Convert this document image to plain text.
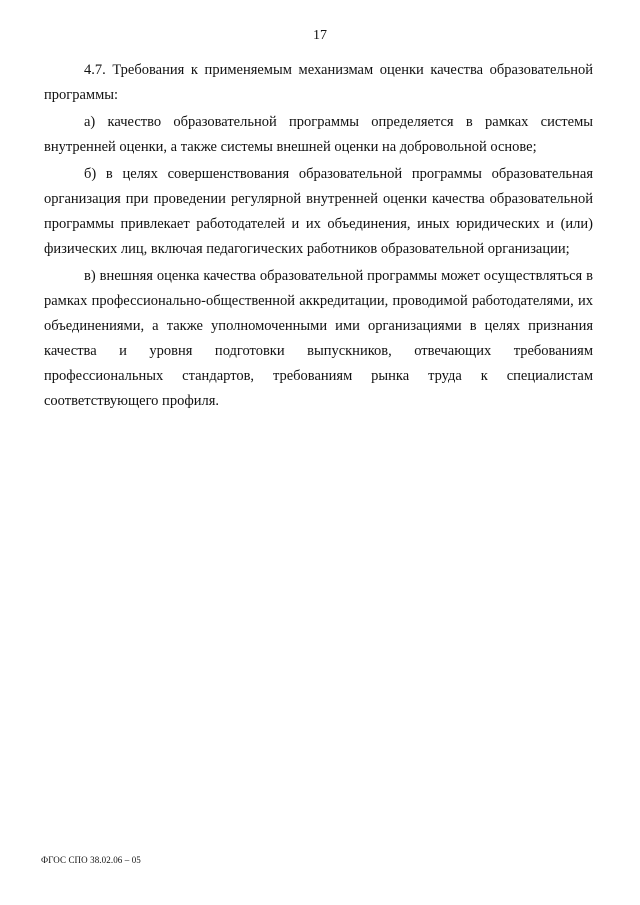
17

4.7. Требования к применяемым механизмам оценки качества образовательной программы:

а) качество образовательной программы определяется в рамках системы внутренней оценки, а также системы внешней оценки на добровольной основе;

б) в целях совершенствования образовательной программы образовательная организация при проведении регулярной внутренней оценки качества образовательной программы привлекает работодателей и их объединения, иных юридических и (или) физических лиц, включая педагогических работников образовательной организации;

в) внешняя оценка качества образовательной программы может осуществляться в рамках профессионально-общественной аккредитации, проводимой работодателями, их объединениями, а также уполномоченными ими организациями в целях признания качества и уровня подготовки выпускников, отвечающих требованиям профессиональных стандартов, требованиям рынка труда к специалистам соответствующего профиля.

ФГОС СПО 38.02.06 – 05
